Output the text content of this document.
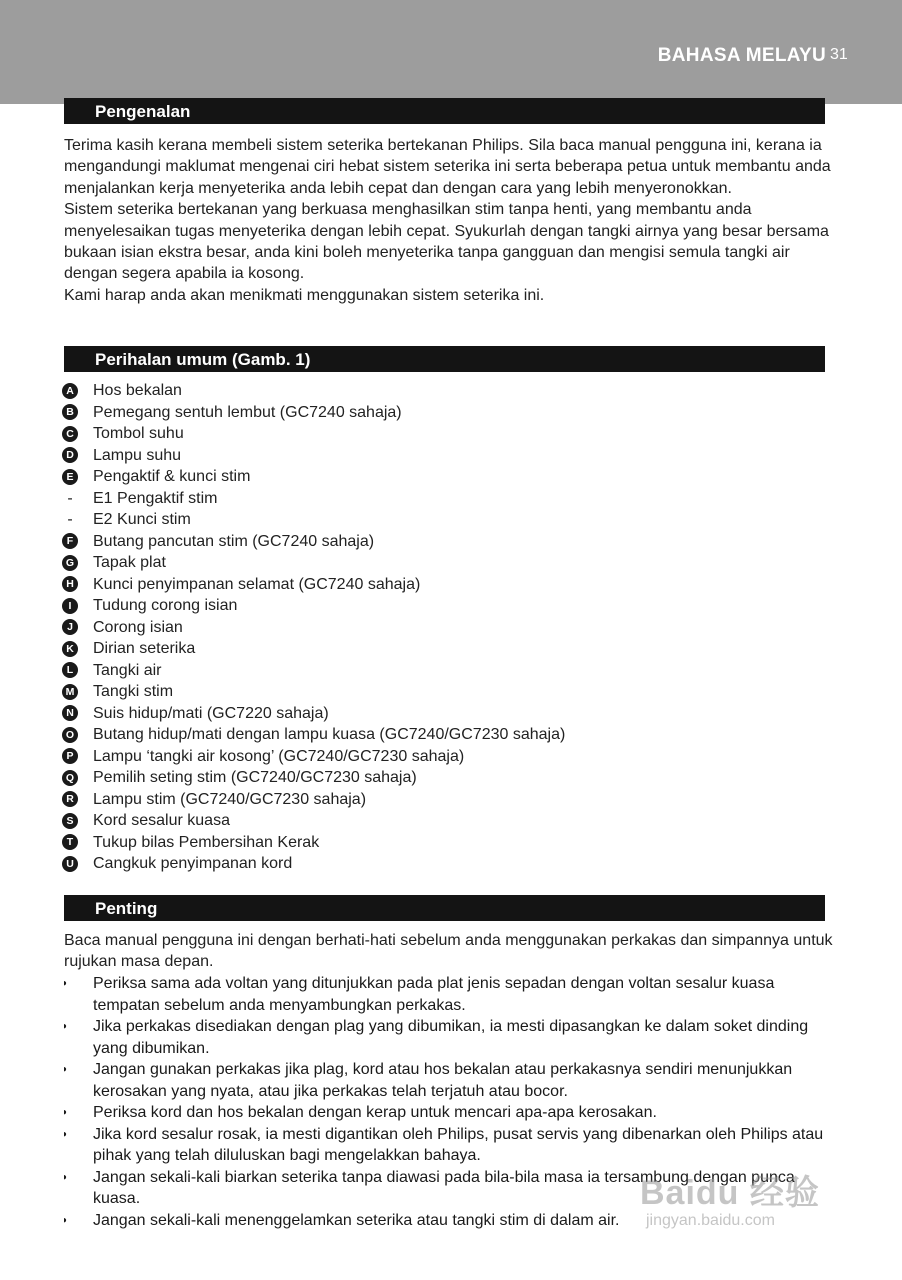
BAHASA MELAYU 31
Pengenalan

Terima kasih kerana membeli sistem seterika bertekanan Philips. Sila baca manual pengguna ini, kerana ia mengandungi maklumat mengenai ciri hebat sistem seterika ini serta beberapa petua untuk membantu anda menjalankan kerja menyeterika anda lebih cepat dan dengan cara yang lebih menyeronokkan.

Sistem seterika bertekanan yang berkuasa menghasilkan stim tanpa henti, yang membantu anda menyelesaikan tugas menyeterika dengan lebih cepat. Syukurlah dengan tangki airnya yang besar bersama bukaan isian ekstra besar, anda kini boleh menyeterika tanpa gangguan dan mengisi semula tangki air dengan segera apabila ia kosong.

Kami harap anda akan menikmati menggunakan sistem seterika ini.

Perihalan umum (Gamb. 1)
A Hos bekalan
B Pemegang sentuh lembut (GC7240 sahaja)
C Tombol suhu
D Lampu suhu
E Pengaktif & kunci stim
-	E1 Pengaktif stim
-	E2 Kunci stim
F Butang pancutan stim (GC7240 sahaja)
G Tapak plat
H Kunci penyimpanan selamat (GC7240 sahaja)
I	Tudung corong isian
J	Corong isian
K Dirian seterika
L Tangki air
M Tangki stim
N Suis hidup/mati (GC7220 sahaja)
O Butang hidup/mati dengan lampu kuasa (GC7240/GC7230 sahaja)
P Lampu ‘tangki air kosong’ (GC7240/GC7230 sahaja)
Q Pemilih seting stim (GC7240/GC7230 sahaja)
R Lampu stim (GC7240/GC7230 sahaja)
S Kord sesalur kuasa
T Tukup bilas Pembersihan Kerak
U Cangkuk penyimpanan kord
Penting
Baca manual pengguna ini dengan berhati-hati sebelum anda menggunakan perkakas dan simpannya untuk rujukan masa depan.
◗	Periksa sama ada voltan yang ditunjukkan pada plat jenis sepadan dengan voltan sesalur kuasa tempatan sebelum anda menyambungkan perkakas.
◗	Jika perkakas disediakan dengan plag yang dibumikan, ia mesti dipasangkan ke dalam soket dinding yang dibumikan.
◗	Jangan gunakan perkakas jika plag, kord atau hos bekalan atau perkakasnya sendiri menunjukkan kerosakan yang nyata, atau jika perkakas telah terjatuh atau bocor.
◗	Periksa kord dan hos bekalan dengan kerap untuk mencari apa-apa kerosakan.
◗	Jika kord sesalur rosak, ia mesti digantikan oleh Philips, pusat servis yang dibenarkan oleh Philips atau pihak yang telah diluluskan bagi mengelakkan bahaya.
◗	Jangan sekali-kali biarkan seterika tanpa diawasi pada bila-bila masa ia tersambung dengan punca kuasa.
◗	Jangan sekali-kali menenggelamkan seterika atau tangki stim di dalam air.
Baidu 经验
jingyan.baidu.com
